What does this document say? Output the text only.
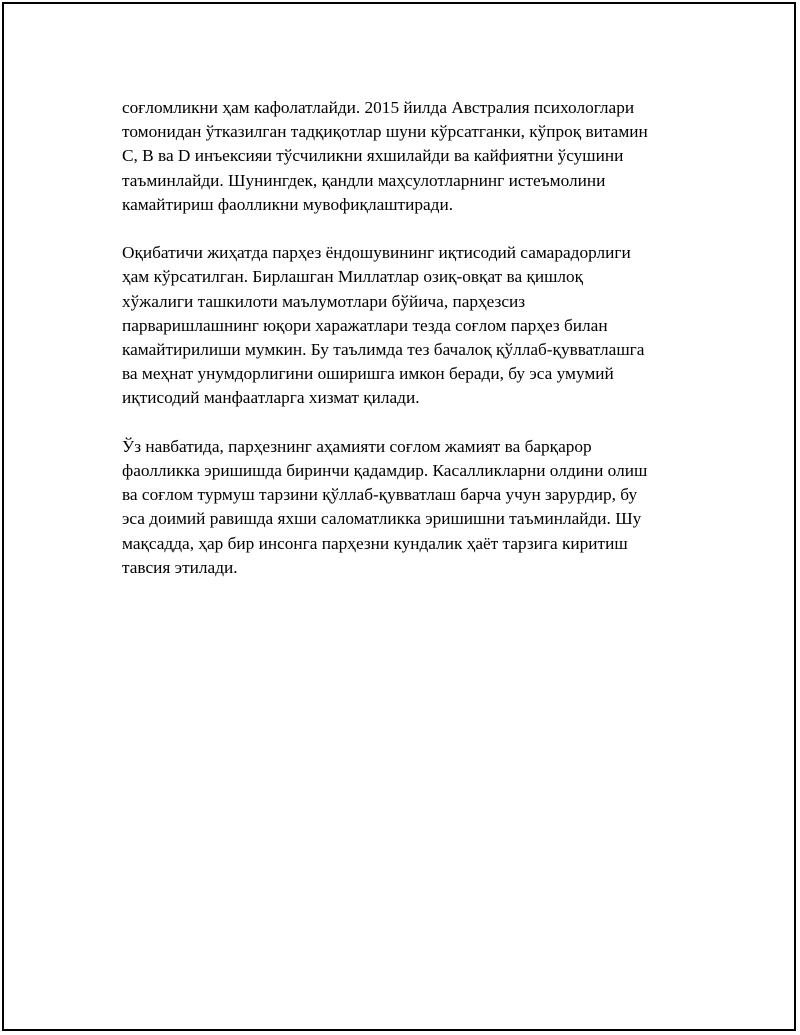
соғломликни ҳам кафолатлайди. 2015 йилда Австралия психологлари
томонидан ўтказилган тадқиқотлар шуни кўрсатганки, кўпроқ витамин
C, B ва D инъексияи тўсчиликни яхшилайди ва кайфиятни ўсушини
таъминлайди. Шунингдек, қандли маҳсулотларнинг истеъмолини
камайтириш фаолликни мувофиқлаштиради.

Оқибатичи жиҳатда парҳез ёндошувининг иқтисодий самарадорлиги
ҳам кўрсатилган. Бирлашган Миллатлар озиқ-овқат ва қишлоқ
хўжалиги ташкилоти маълумотлари бўйича, парҳезсиз
парваришлашнинг юқори харажатлари тезда соғлом парҳез билан
камайтирилиши мумкин. Бу таълимда тез бачалоқ қўллаб-қувватлашга
ва меҳнат унумдорлигини оширишга имкон беради, бу эса умумий
иқтисодий манфаатларга хизмат қилади.

Ўз навбатида, парҳезнинг аҳамияти соғлом жамият ва барқарор
фаолликка эришишда биринчи қадамдир. Касалликларни олдини олиш
ва соғлом турмуш тарзини қўллаб-қувватлаш барча учун зарурдир, бу
эса доимий равишда яхши саломатликка эришишни таъминлайди. Шу
мақсадда, ҳар бир инсонга парҳезни кундалик ҳаёт тарзига киритиш
тавсия этилади.
